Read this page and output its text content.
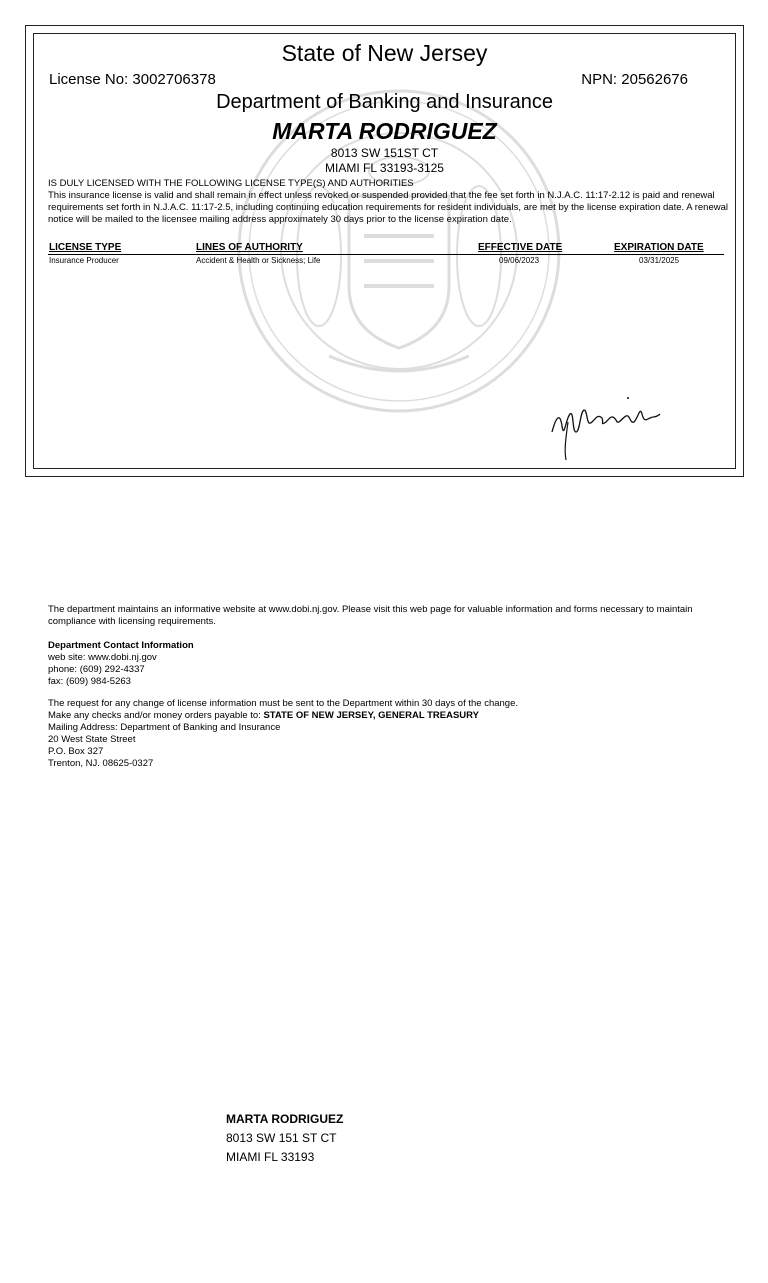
State of New Jersey
License No: 3002706378	NPN: 20562676
Department of Banking and Insurance
MARTA RODRIGUEZ
8013 SW 151ST CT
MIAMI FL 33193-3125
IS DULY LICENSED WITH THE FOLLOWING LICENSE TYPE(S) AND AUTHORITIES
This insurance license is valid and shall remain in effect unless revoked or suspended provided that the fee set forth in N.J.A.C. 11:17-2.12 is paid and renewal requirements set forth in N.J.A.C. 11:17-2.5, including continuing education requirements for resident individuals, are met by the license expiration date. A renewal notice will be mailed to the licensee mailing address approximately 30 days prior to the license expiration date.
LICENSE TYPE	LINES OF AUTHORITY	EFFECTIVE DATE	EXPIRATION DATE
Insurance Producer	Accident & Health or Sickness; Life	09/06/2023	03/31/2025
The department maintains an informative website at www.dobi.nj.gov. Please visit this web page for valuable information and forms necessary to maintain compliance with licensing requirements.
Department Contact Information
web site: www.dobi.nj.gov
phone: (609) 292-4337
fax: (609) 984-5263
The request for any change of license information must be sent to the Department within 30 days of the change.
Make any checks and/or money orders payable to: STATE OF NEW JERSEY, GENERAL TREASURY
Mailing Address: Department of Banking and Insurance
20 West State Street
P.O. Box 327
Trenton, NJ. 08625-0327
MARTA RODRIGUEZ
8013 SW 151 ST CT
MIAMI FL 33193
